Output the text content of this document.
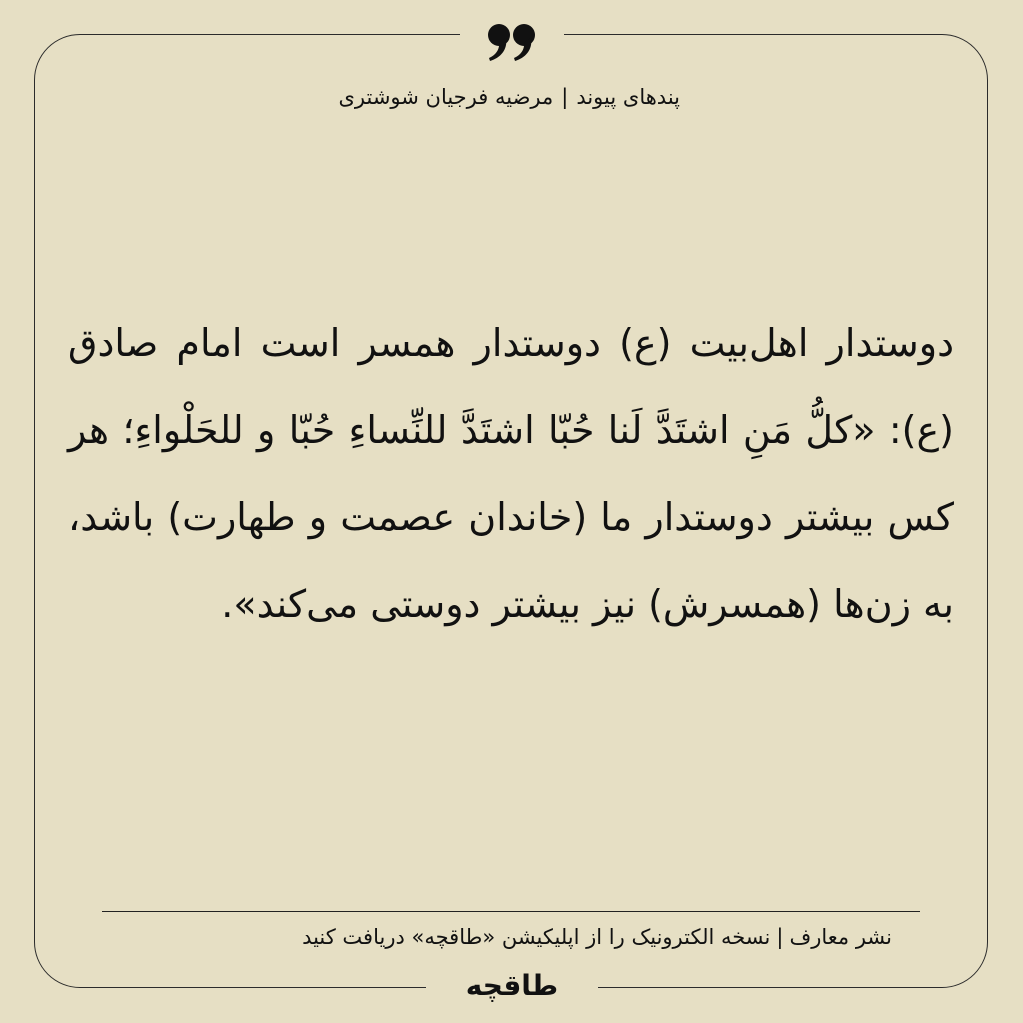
پندهای پیوند|مرضیه فرجیان شوشتری
دوستدار اهل‌بیت (ع) دوستدار همسر است امام صادق (ع): «کلُّ مَنِ اشتَدَّ لَنا حُبّا اشتَدَّ للنِّساءِ حُبّا و للحَلْواءِ؛ هر کس بیشتر دوستدار ما (خاندان عصمت و طهارت) باشد، به زن‌ها (همسرش) نیز بیشتر دوستی می‌کند».
نشر معارف|نسخه الکترونیک را از اپلیکیشن «طاقچه» دریافت کنید
طاقچه
